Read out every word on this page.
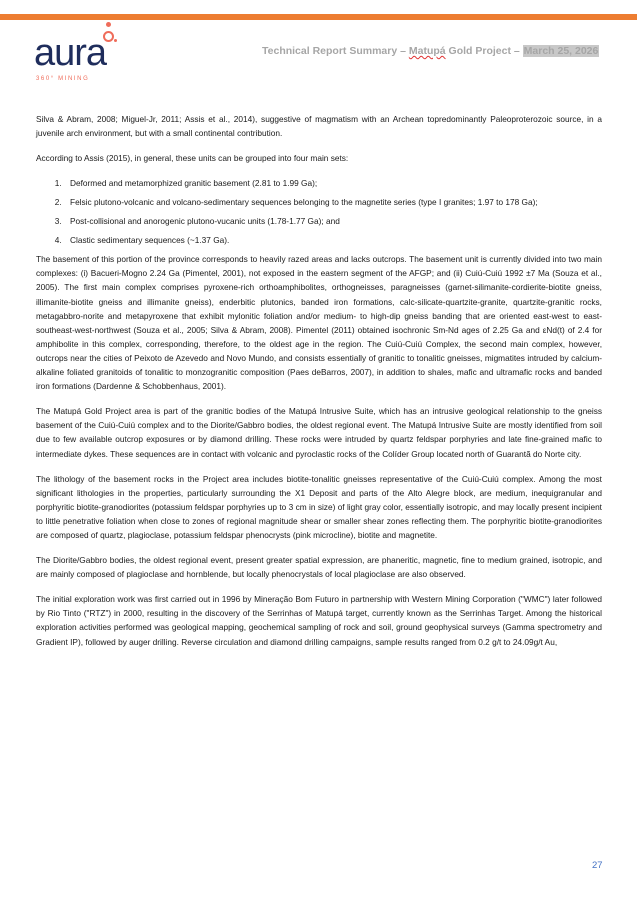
aura
360° MINING
Technical Report Summary – Matupá Gold Project – March 25, 2026

Silva & Abram, 2008; Miguel-Jr, 2011; Assis et al., 2014), suggestive of magmatism with an Archean topredominantly Paleoproterozoic source, in a juvenile arch environment, but with a small continental contribution.

According to Assis (2015), in general, these units can be grouped into four main sets:

1. Deformed and metamorphized granitic basement (2.81 to 1.99 Ga);
2. Felsic plutono-volcanic and volcano-sedimentary sequences belonging to the magnetite series (type I granites; 1.97 to 178 Ga);
3. Post-collisional and anorogenic plutono-vucanic units (1.78-1.77 Ga); and
4. Clastic sedimentary sequences (~1.37 Ga).

The basement of this portion of the province corresponds to heavily razed areas and lacks outcrops. The basement unit is currently divided into two main complexes: (i) Bacueri-Mogno 2.24 Ga (Pimentel, 2001), not exposed in the eastern segment of the AFGP; and (ii) Cuiú-Cuiú 1992 ±7 Ma (Souza et al., 2005). The first main complex comprises pyroxene-rich orthoamphibolites, orthogneisses, paragneisses (garnet-silimanite-cordierite-biotite gneiss, illimanite-biotite gneiss and illimanite gneiss), enderbitic plutonics, banded iron formations, calc-silicate-quartzite-granite, quartzite-granitic rocks, metagabbro-norite and metapyroxene that exhibit mylonitic foliation and/or medium- to high-dip gneiss banding that are oriented east-west to east-southeast-west-northwest (Souza et al., 2005; Silva & Abram, 2008). Pimentel (2011) obtained isochronic Sm-Nd ages of 2.25 Ga and εNd(t) of 2.4 for amphibolite in this complex, corresponding, therefore, to the oldest age in the region. The Cuiú-Cuiú Complex, the second main complex, however, outcrops near the cities of Peixoto de Azevedo and Novo Mundo, and consists essentially of granitic to tonalitic gneisses, migmatites intruded by calcium-alkaline foliated granitoids of tonalitic to monzogranitic composition (Paes deBarros, 2007), in addition to shales, mafic and ultramafic rocks and banded iron formations (Dardenne & Schobbenhaus, 2001).

The Matupá Gold Project area is part of the granitic bodies of the Matupá Intrusive Suite, which has an intrusive geological relationship to the gneiss basement of the Cuiú-Cuiú complex and to the Diorite/Gabbro bodies, the oldest regional event. The Matupá Intrusive Suite are mostly identified from soil due to few available outcrop exposures or by diamond drilling. These rocks were intruded by quartz feldspar porphyries and late fine-grained mafic to intermediate dykes. These sequences are in contact with volcanic and pyroclastic rocks of the Colíder Group located north of Guarantã do Norte city.

The lithology of the basement rocks in the Project area includes biotite-tonalitic gneisses representative of the Cuiú-Cuiú complex. Among the most significant lithologies in the properties, particularly surrounding the X1 Deposit and parts of the Alto Alegre block, are medium, inequigranular and porphyritic biotite-granodiorites (potassium feldspar porphyries up to 3 cm in size) of light gray color, essentially isotropic, and may locally present incipient to little penetrative foliation when close to zones of regional magnitude shear or smaller shear zones reflecting them. The porphyritic biotite-granodiorites are composed of quartz, plagioclase, potassium feldspar phenocrysts (pink microcline), biotite and magnetite.

The Diorite/Gabbro bodies, the oldest regional event, present greater spatial expression, are phaneritic, magnetic, fine to medium grained, isotropic, and are mainly composed of plagioclase and hornblende, but locally phenocrystals of local plagioclase are also observed.

The initial exploration work was first carried out in 1996 by Mineração Bom Futuro in partnership with Western Mining Corporation ("WMC") later followed by Rio Tinto ("RTZ") in 2000, resulting in the discovery of the Serrinhas of Matupá target, currently known as the Serrinhas Target. Among the historical exploration activities performed was geological mapping, geochemical sampling of rock and soil, ground geophysical surveys (Gamma spectrometry and Gradient IP), followed by auger drilling. Reverse circulation and diamond drilling campaigns, sample results ranged from 0.2 g/t to 24.09g/t Au,

27
